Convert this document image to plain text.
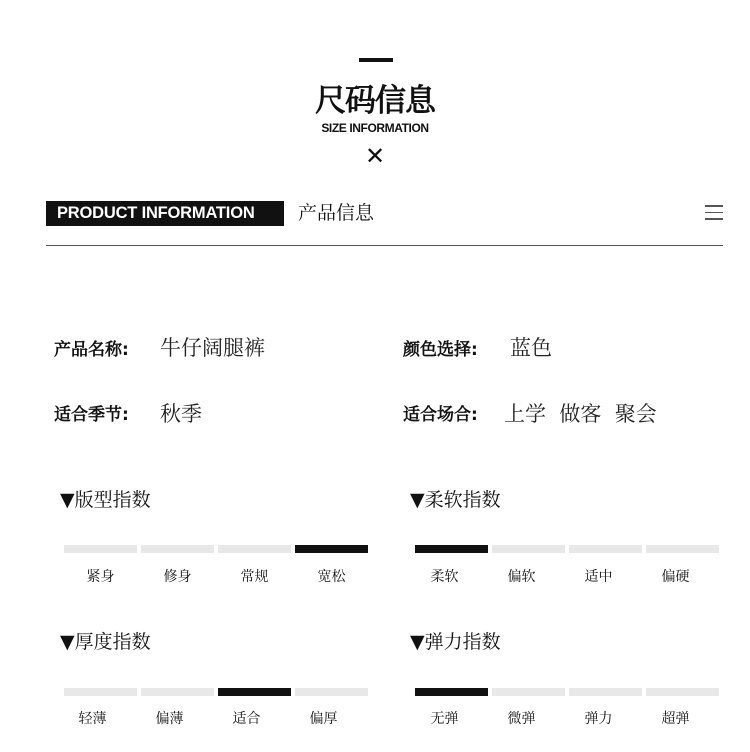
尺码信息
SIZE INFORMATION
✕
PRODUCT INFORMATION	产品信息
产品名称: 牛仔阔腿裤	颜色选择: 蓝色
适合季节: 秋季	适合场合: 上学  做客  聚会
▼版型指数
紧身	修身	常规	宽松
▼柔软指数
柔软	偏软	适中	偏硬
▼厚度指数
轻薄	偏薄	适合	偏厚
▼弹力指数
无弹	微弹	弹力	超弹
